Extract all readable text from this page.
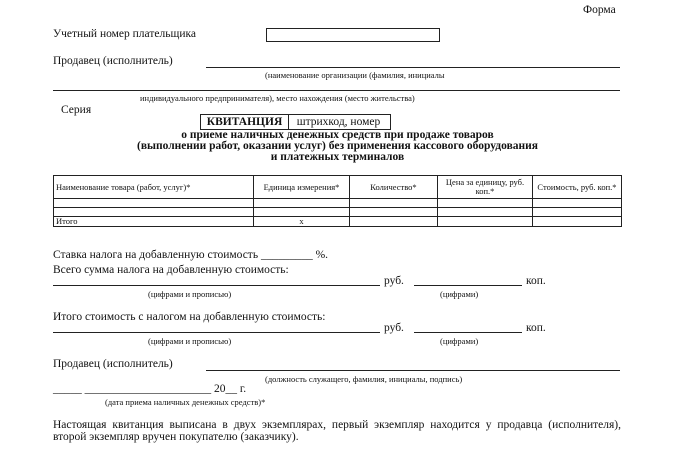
Форма
Учетный номер плательщика
Продавец (исполнитель)
(наименование организации (фамилия, инициалы
индивидуального предпринимателя), место нахождения (место жительства)
Серия
КВИТАНЦИЯ	штрихкод, номер
о приеме наличных денежных средств при продаже товаров
(выполнении работ, оказании услуг) без применения кассового оборудования
и платежных терминалов
Наименование товара (работ, услуг)*	Единица измерения*	Количество*	Цена за единицу, руб. коп.*	Стоимость, руб. коп.*

Итого	х			
Ставка налога на добавленную стоимость _________ %.
Всего сумма налога на добавленную стоимость:
руб.	коп.
(цифрами и прописью)	(цифрами)
Итого стоимость с налогом на добавленную стоимость:
руб.	коп.
(цифрами и прописью)	(цифрами)
Продавец (исполнитель)
(должность служащего, фамилия, инициалы, подпись)
_____ ______________________ 20__ г.
(дата приема наличных денежных средств)*
Настоящая квитанция выписана в двух экземплярах, первый экземпляр находится у продавца (исполнителя), второй экземпляр вручен покупателю (заказчику).
